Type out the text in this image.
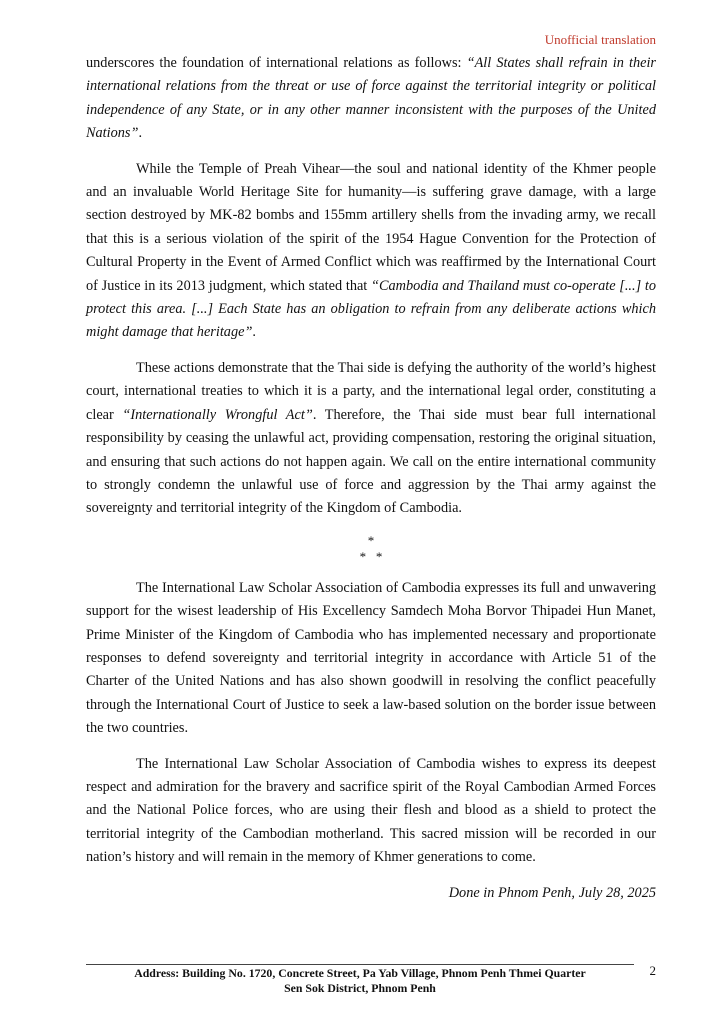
Unofficial translation

underscores the foundation of international relations as follows: “All States shall refrain in their international relations from the threat or use of force against the territorial integrity or political independence of any State, or in any other manner inconsistent with the purposes of the United Nations”.

While the Temple of Preah Vihear—the soul and national identity of the Khmer people and an invaluable World Heritage Site for humanity—is suffering grave damage, with a large section destroyed by MK-82 bombs and 155mm artillery shells from the invading army, we recall that this is a serious violation of the spirit of the 1954 Hague Convention for the Protection of Cultural Property in the Event of Armed Conflict which was reaffirmed by the International Court of Justice in its 2013 judgment, which stated that “Cambodia and Thailand must co-operate [...] to protect this area. [...] Each State has an obligation to refrain from any deliberate actions which might damage that heritage”.

These actions demonstrate that the Thai side is defying the authority of the world’s highest court, international treaties to which it is a party, and the international legal order, constituting a clear “Internationally Wrongful Act”. Therefore, the Thai side must bear full international responsibility by ceasing the unlawful act, providing compensation, restoring the original situation, and ensuring that such actions do not happen again. We call on the entire international community to strongly condemn the unlawful use of force and aggression by the Thai army against the sovereignty and territorial integrity of the Kingdom of Cambodia.

*
*   *

The International Law Scholar Association of Cambodia expresses its full and unwavering support for the wisest leadership of His Excellency Samdech Moha Borvor Thipadei Hun Manet, Prime Minister of the Kingdom of Cambodia who has implemented necessary and proportionate responses to defend sovereignty and territorial integrity in accordance with Article 51 of the Charter of the United Nations and has also shown goodwill in resolving the conflict peacefully through the International Court of Justice to seek a law-based solution on the border issue between the two countries.

The International Law Scholar Association of Cambodia wishes to express its deepest respect and admiration for the bravery and sacrifice spirit of the Royal Cambodian Armed Forces and the National Police forces, who are using their flesh and blood as a shield to protect the territorial integrity of the Cambodian motherland. This sacred mission will be recorded in our nation’s history and will remain in the memory of Khmer generations to come.

Done in Phnom Penh, July 28, 2025

Address: Building No. 1720, Concrete Street, Pa Yab Village, Phnom Penh Thmei Quarter
Sen Sok District, Phnom Penh
2
